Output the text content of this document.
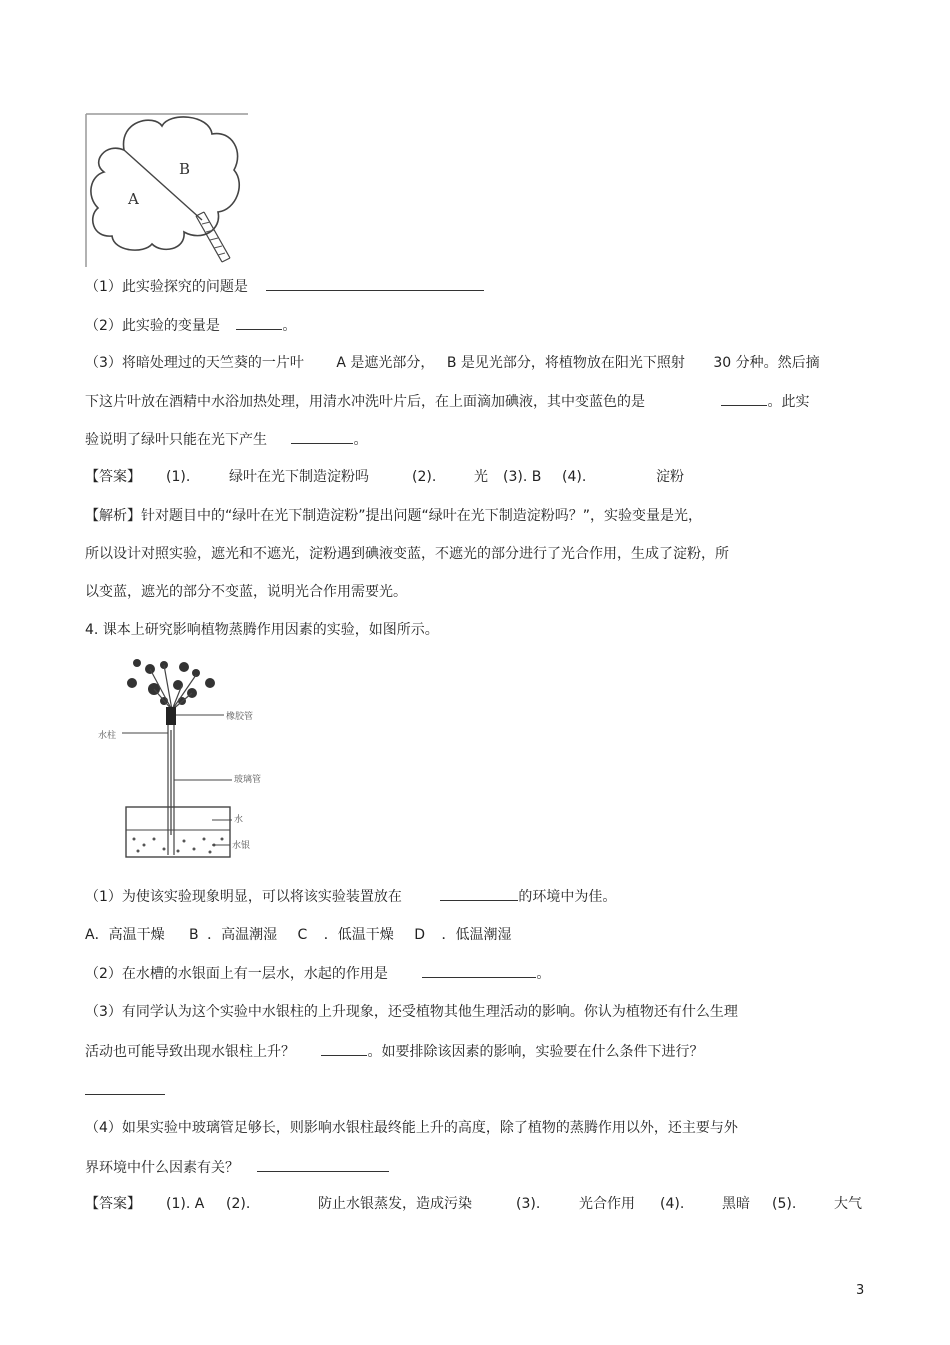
A
B
（1）此实验探究的问题是
（2）此实验的变量是	。
（3）将暗处理过的天竺葵的一片叶 A 是遮光部分， B 是见光部分，将植物放在阳光下照射 30 分种。然后摘
下这片叶放在酒精中水浴加热处理，用清水冲洗叶片后，在上面滴加碘液，其中变蓝色的是	。此实
验说明了绿叶只能在光下产生	。
【答案】	(1).	绿叶在光下制造淀粉吗	(2).	光 (3). B (4).	淀粉
【解析】针对题目中的“绿叶在光下制造淀粉”提出问题“绿叶在光下制造淀粉吗？”，实验变量是光，
所以设计对照实验，遮光和不遮光，淀粉遇到碘液变蓝，不遮光的部分进行了光合作用，生成了淀粉，所
以变蓝，遮光的部分不变蓝，说明光合作用需要光。
4. 课本上研究影响植物蒸腾作用因素的实验，如图所示。
橡胶管
水柱
玻璃管
水
水银
（1）为使该实验现象明显，可以将该实验装置放在	的环境中为佳。
A．高温干燥 B ．高温潮湿 C ．低温干燥 D ．低温潮湿
（2）在水槽的水银面上有一层水，水起的作用是	。
（3）有同学认为这个实验中水银柱的上升现象，还受植物其他生理活动的影响。你认为植物还有什么生理
活动也可能导致出现水银柱上升？	。如要排除该因素的影响，实验要在什么条件下进行？
（4）如果实验中玻璃管足够长，则影响水银柱最终能上升的高度，除了植物的蒸腾作用以外，还主要与外
界环境中什么因素有关？
【答案】 (1). A (2).	防止水银蒸发，造成污染	(3).	光合作用 (4).	黑暗 (5).	大气
3
